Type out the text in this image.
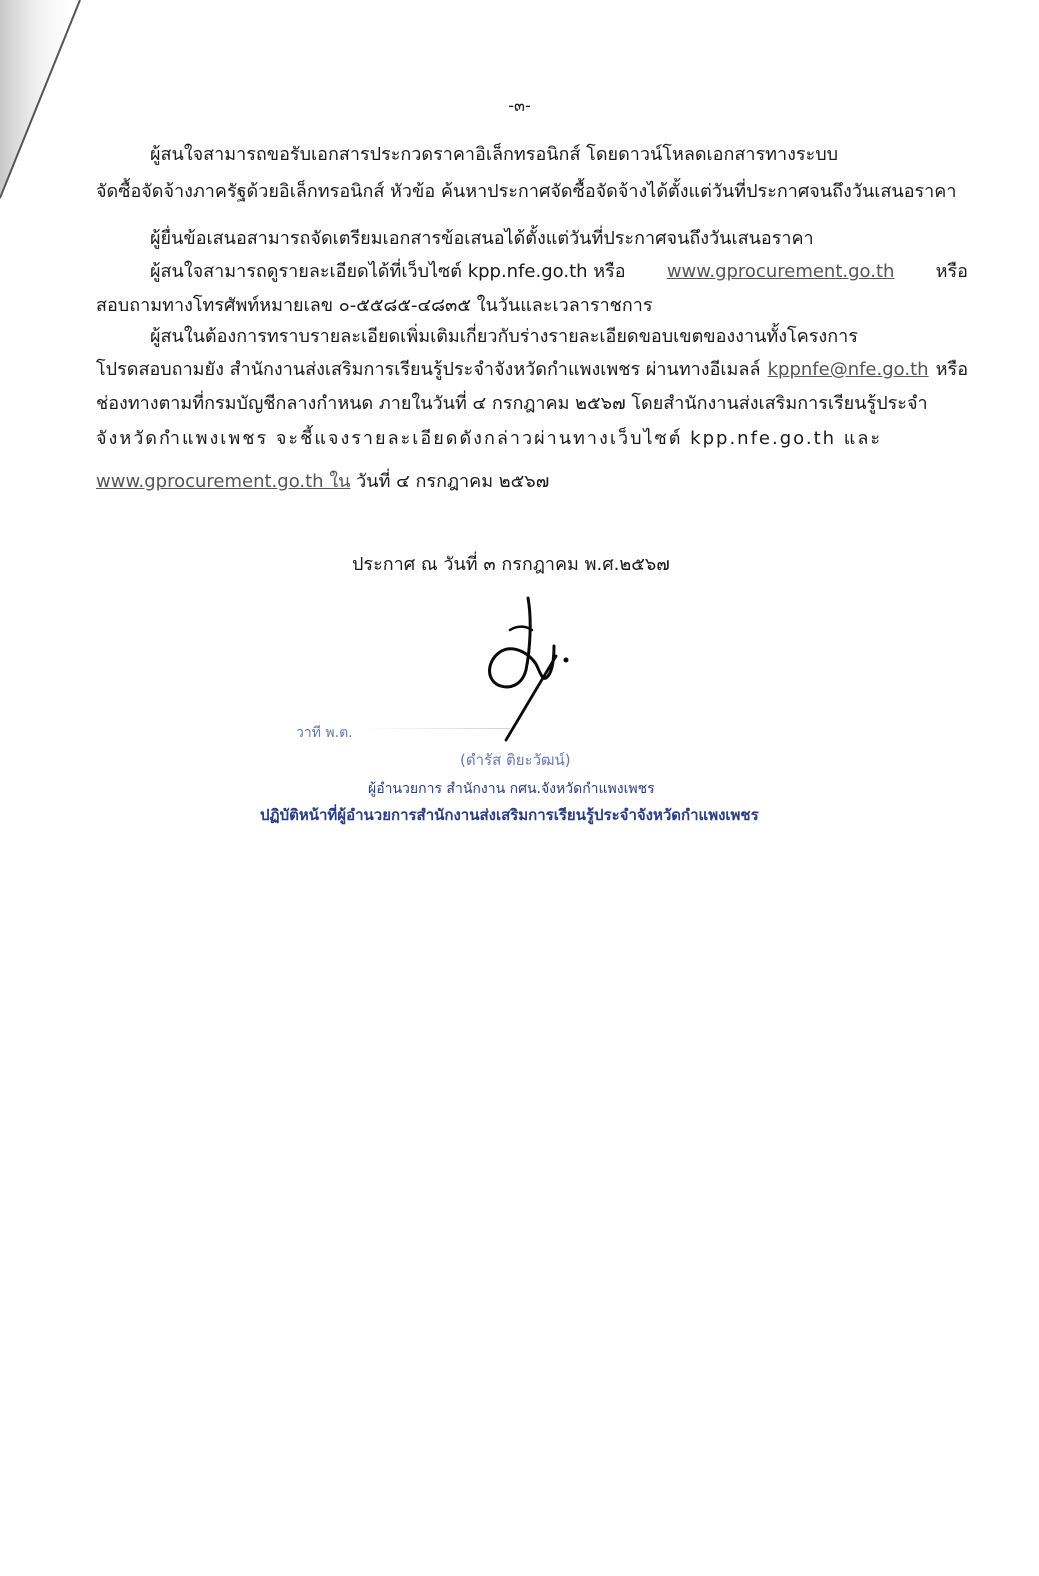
-๓-
ผู้สนใจสามารถขอรับเอกสารประกวดราคาอิเล็กทรอนิกส์ โดยดาวน์โหลดเอกสารทางระบบ
จัดซื้อจัดจ้างภาครัฐด้วยอิเล็กทรอนิกส์ หัวข้อ ค้นหาประกาศจัดซื้อจัดจ้างได้ตั้งแต่วันที่ประกาศจนถึงวันเสนอราคา
ผู้ยื่นข้อเสนอสามารถจัดเตรียมเอกสารข้อเสนอได้ตั้งแต่วันที่ประกาศจนถึงวันเสนอราคา
ผู้สนใจสามารถดูรายละเอียดได้ที่เว็บไซต์ kpp.nfe.go.th หรือ www.gprocurement.go.th หรือ
สอบถามทางโทรศัพท์หมายเลข ๐-๕๕๘๕-๔๘๓๕ ในวันและเวลาราชการ
ผู้สนในต้องการทราบรายละเอียดเพิ่มเติมเกี่ยวกับร่างรายละเอียดขอบเขตของงานทั้งโครงการ
โปรดสอบถามยัง สำนักงานส่งเสริมการเรียนรู้ประจำจังหวัดกำแพงเพชร ผ่านทางอีเมลล์ kppnfe@nfe.go.th หรือ
ช่องทางตามที่กรมบัญชีกลางกำหนด ภายในวันที่ ๔ กรกฎาคม ๒๕๖๗ โดยสำนักงานส่งเสริมการเรียนรู้ประจำ
จังหวัดกำแพงเพชร จะชี้แจงรายละเอียดดังกล่าวผ่านทางเว็บไซต์ kpp.nfe.go.th และ
www.gprocurement.go.th ใน วันที่ ๔ กรกฎาคม ๒๕๖๗
ประกาศ ณ วันที่ ๓ กรกฎาคม พ.ศ.๒๕๖๗
วาที พ.ต.
(ดำรัส ติยะวัฒน์)
ผู้อำนวยการ สำนักงาน กศน.จังหวัดกำแพงเพชร
ปฏิบัติหน้าที่ผู้อำนวยการสำนักงานส่งเสริมการเรียนรู้ประจำจังหวัดกำแพงเพชร
